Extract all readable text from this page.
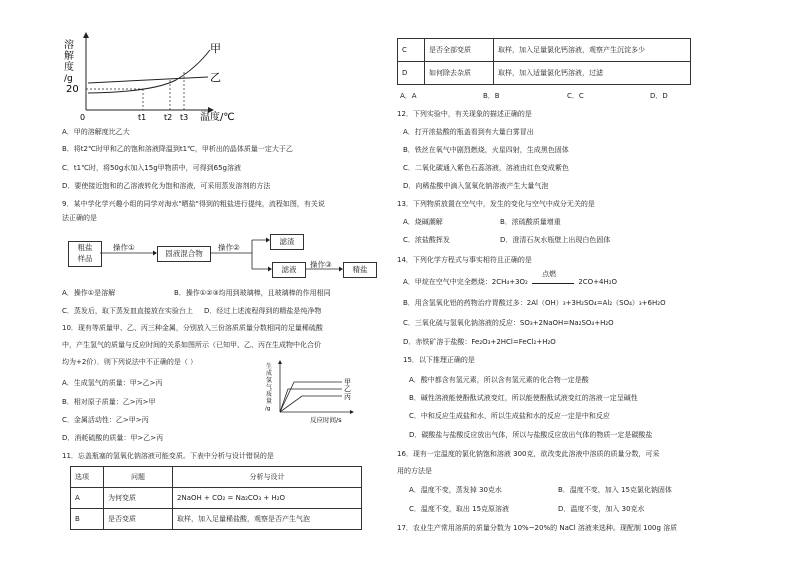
溶
解
度
/g
20
甲
乙
0	t1 t2 t3 温度/℃
A．甲的溶解度比乙大
B．将t2℃时甲和乙的饱和溶液降温到t1℃，甲析出的晶体质量一定大于乙
C．t1℃时，将50g水加入15g甲物质中，可得到65g溶液
D．要使接近饱和的乙溶液转化为饱和溶液，可采用蒸发溶剂的方法
9．某中学化学兴趣小组的同学对海水"晒盐"得到的粗盐进行提纯，流程如图，有关说
法正确的是
粗盐
样品
操作①
固液混合物
操作②
滤渣
滤液
操作③
精盐
A．操作①是溶解	B．操作①②③均用到玻璃棒，且玻璃棒的作用相同
C．蒸发后，取下蒸发皿直接放在实验台上 D．经过上述流程得到的精盐是纯净物
10．现有等质量甲、乙、丙三种金属，分别放入三份溶质质量分数相同的足量稀硫酸
中，产生氢气的质量与反应时间的关系如图所示（已知甲、乙、丙在生成物中化合价
均为+2价）．则下列说法中不正确的是（ ）
生
成
氢
气
质
量
/g
甲
乙
丙
反应时间/s
A．生成氢气的质量：甲>乙>丙
B．相对原子质量：乙>丙>甲
C．金属活动性：乙>甲>丙
D．消耗硫酸的质量：甲>乙>丙
11．忘盖瓶塞的氢氧化钠溶液可能变质。下表中分析与设计错误的是
选项	问题	分析与设计
A	为何变质	2NaOH + CO₂ = Na₂CO₃ + H₂O
B	是否变质	取样，加入足量稀盐酸，观察是否产生气泡
C	是否全部变质	取样，加入足量氯化钙溶液，观察产生沉淀多少
D	如何除去杂质	取样，加入适量氯化钙溶液，过滤
A．A	B．B	C．C	D．D
12．下列实验中，有关现象的描述正确的是
A．打开浓盐酸的瓶盖看到有大量白雾冒出
B．铁丝在氧气中剧烈燃烧，火星四射，生成黑色固体
C．二氧化碳通入紫色石蕊溶液，溶液由红色变成紫色
D．向稀盐酸中滴入氢氧化钠溶液产生大量气泡
13．下列物质放置在空气中，发生的变化与空气中成分无关的是
A．烧碱潮解	B．浓硫酸质量增重
C．浓盐酸挥发	D．澄清石灰水瓶壁上出现白色固体
14．下列化学方程式与事实相符且正确的是
A．甲烷在空气中完全燃烧：2CH₄+3O₂
点燃
2CO+4H₂O
B．用含氢氧化铝的药物治疗胃酸过多：2Al（OH）₃+3H₂SO₄=Al₂（SO₄）₃+6H₂O
C．三氧化硫与氢氧化钠溶液的反应：SO₃+2NaOH=Na₂SO₄+H₂O
D．赤铁矿溶于盐酸：Fe₂O₃+2HCl=FeCl₂+H₂O
15．以下推理正确的是
A．酸中都含有氢元素，所以含有氢元素的化合物一定是酸
B．碱性溶液能使酚酞试液变红，所以能使酚酞试液变红的溶液一定呈碱性
C．中和反应生成盐和水，所以生成盐和水的反应一定是中和反应
D．碳酸盐与盐酸反应放出气体，所以与盐酸反应放出气体的物质一定是碳酸盐
16．现有一定温度的氯化钠饱和溶液 300克，欲改变此溶液中溶质的质量分数，可采
用的方法是
A．温度不变，蒸发掉 30克水	B．温度不变，加入 15克氯化钠固体
C．温度不变，取出 15克原溶液	D．温度不变，加入 30克水
17．农业生产常用溶质的质量分数为 10%~20%的 NaCl 溶液来选种。现配制 100g 溶质
